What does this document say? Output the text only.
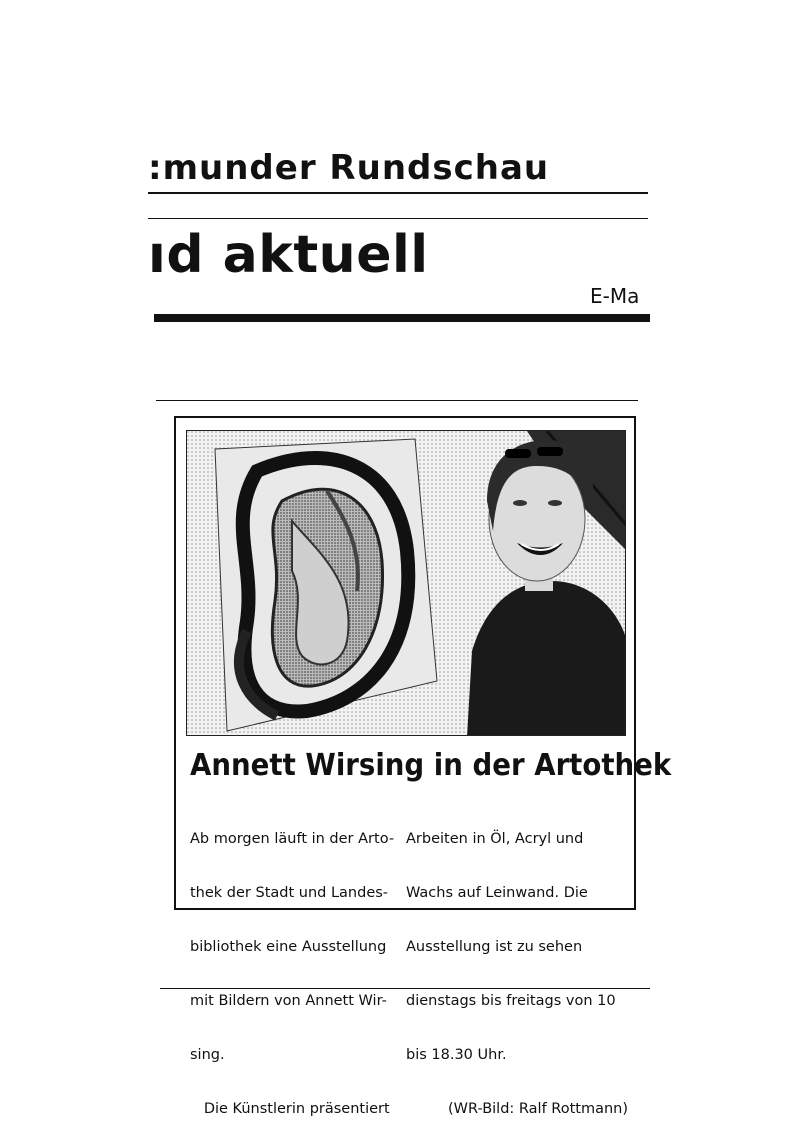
:munder Rundschau
ıd aktuell
E-Ma
Annett Wirsing in der Artothek

Ab morgen läuft in der Arto-

thek der Stadt und Landes-

bibliothek eine Ausstellung

mit Bildern von Annett Wir-

sing.

Die Künstlerin präsentiert

Arbeiten in Öl, Acryl und

Wachs auf Leinwand. Die

Ausstellung ist zu sehen

dienstags bis freitags von 10

bis 18.30 Uhr.

(WR-Bild: Ralf Rottmann)
